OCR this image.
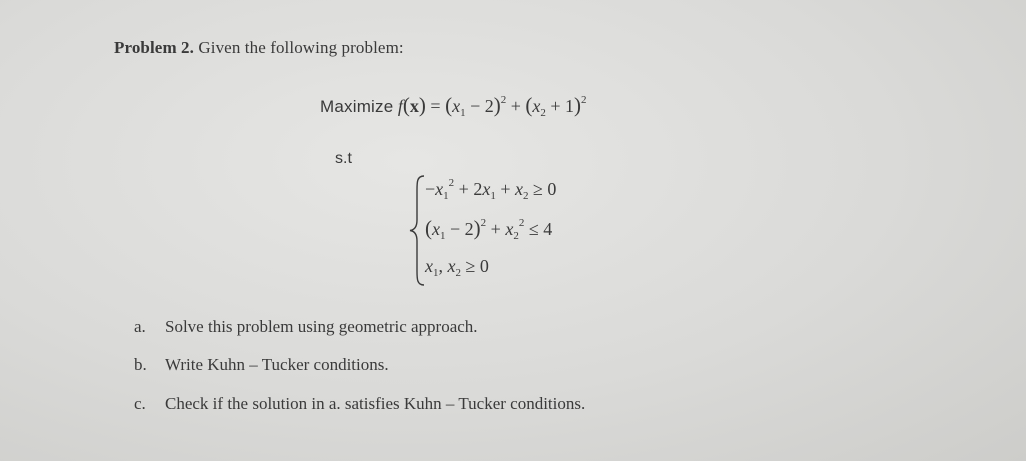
Problem 2. Given the following problem:
Maximize $f(x) = (x_1 - 2)^2 + (x_2 + 1)^2$
s.t
$-x_1^2 + 2x_1 + x_2 \ge 0$
$(x_1 - 2)^2 + x_2^2 \le 4$
$x_1$, $x_2 \ge 0$
a. Solve this problem using geometric approach.
b. Write Kuhn – Tucker conditions.
c. Check if the solution in a. satisfies Kuhn – Tucker conditions.
